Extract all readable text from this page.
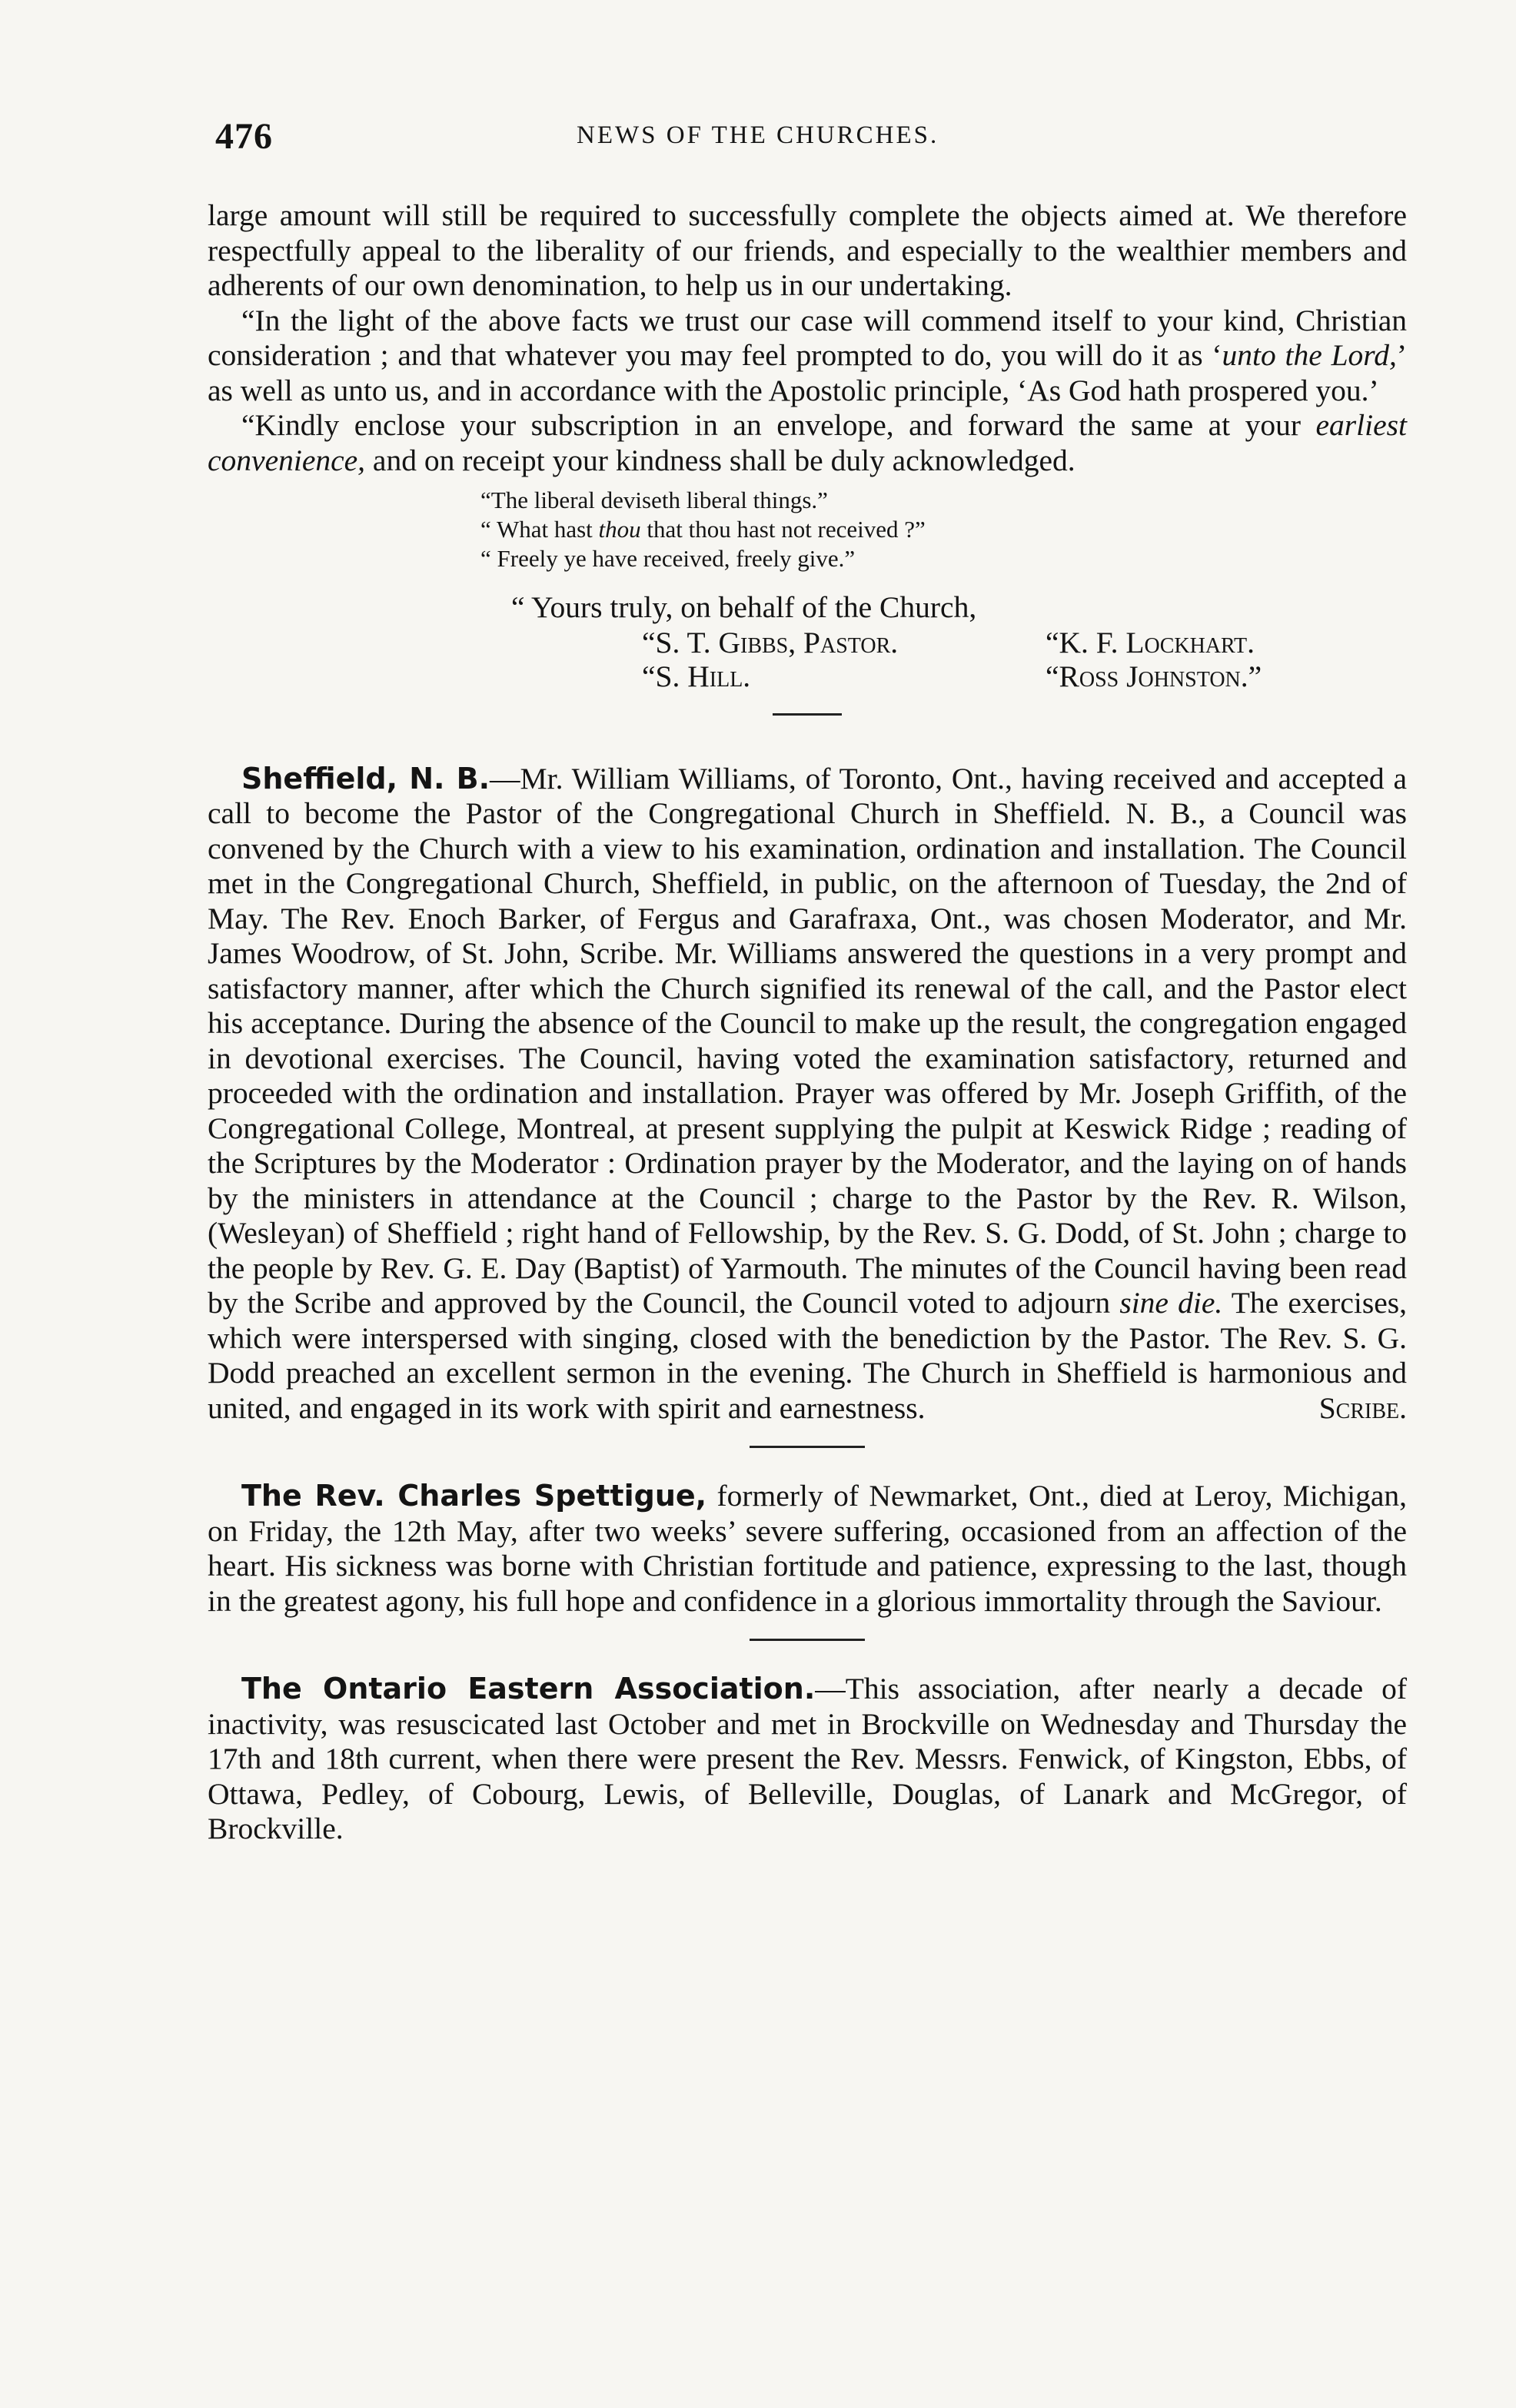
476	NEWS OF THE CHURCHES.

large amount will still be required to successfully complete the objects aimed at. We therefore respectfully appeal to the liberality of our friends, and especially to the wealthier members and adherents of our own denomination, to help us in our undertaking.

“In the light of the above facts we trust our case will commend itself to your kind, Christian consideration ; and that whatever you may feel prompted to do, you will do it as ‘unto the Lord,’ as well as unto us, and in accordance with the Apostolic principle, ‘As God hath prospered you.’

“Kindly enclose your subscription in an envelope, and forward the same at your earliest convenience, and on receipt your kindness shall be duly acknowledged.

“The liberal deviseth liberal things.”
“ What hast thou that thou hast not received ?”
“ Freely ye have received, freely give.”
“ Yours truly, on behalf of the Church,
“S. T. Gibbs, Pastor.	“K. F. Lockhart.
“S. Hill.	“Ross Johnston.”

Sheffield, N. B.—Mr. William Williams, of Toronto, Ont., having received and accepted a call to become the Pastor of the Congregational Church in Sheffield. N. B., a Council was convened by the Church with a view to his examination, ordination and installation. The Council met in the Congregational Church, Sheffield, in public, on the afternoon of Tuesday, the 2nd of May. The Rev. Enoch Barker, of Fergus and Garafraxa, Ont., was chosen Moderator, and Mr. James Woodrow, of St. John, Scribe. Mr. Williams answered the questions in a very prompt and satisfactory manner, after which the Church signified its renewal of the call, and the Pastor elect his acceptance. During the absence of the Council to make up the result, the congregation engaged in devotional exercises. The Council, having voted the examination satisfactory, returned and proceeded with the ordination and installation. Prayer was offered by Mr. Joseph Griffith, of the Congregational College, Montreal, at present supplying the pulpit at Keswick Ridge ; reading of the Scriptures by the Moderator : Ordination prayer by the Moderator, and the laying on of hands by the ministers in attendance at the Council ; charge to the Pastor by the Rev. R. Wilson, (Wesleyan) of Sheffield ; right hand of Fellowship, by the Rev. S. G. Dodd, of St. John ; charge to the people by Rev. G. E. Day (Baptist) of Yarmouth. The minutes of the Council having been read by the Scribe and approved by the Council, the Council voted to adjourn sine die. The exercises, which were interspersed with singing, closed with the benediction by the Pastor. The Rev. S. G. Dodd preached an excellent sermon in the evening. The Church in Sheffield is harmonious and united, and engaged in its work with spirit and earnestness.	Scribe.

The Rev. Charles Spettigue, formerly of Newmarket, Ont., died at Leroy, Michigan, on Friday, the 12th May, after two weeks’ severe suffering, occasioned from an affection of the heart. His sickness was borne with Christian fortitude and patience, expressing to the last, though in the greatest agony, his full hope and confidence in a glorious immortality through the Saviour.

The Ontario Eastern Association.—This association, after nearly a decade of inactivity, was resuscicated last October and met in Brockville on Wednesday and Thursday the 17th and 18th current, when there were present the Rev. Messrs. Fenwick, of Kingston, Ebbs, of Ottawa, Pedley, of Cobourg, Lewis, of Belleville, Douglas, of Lanark and McGregor, of Brockville.
